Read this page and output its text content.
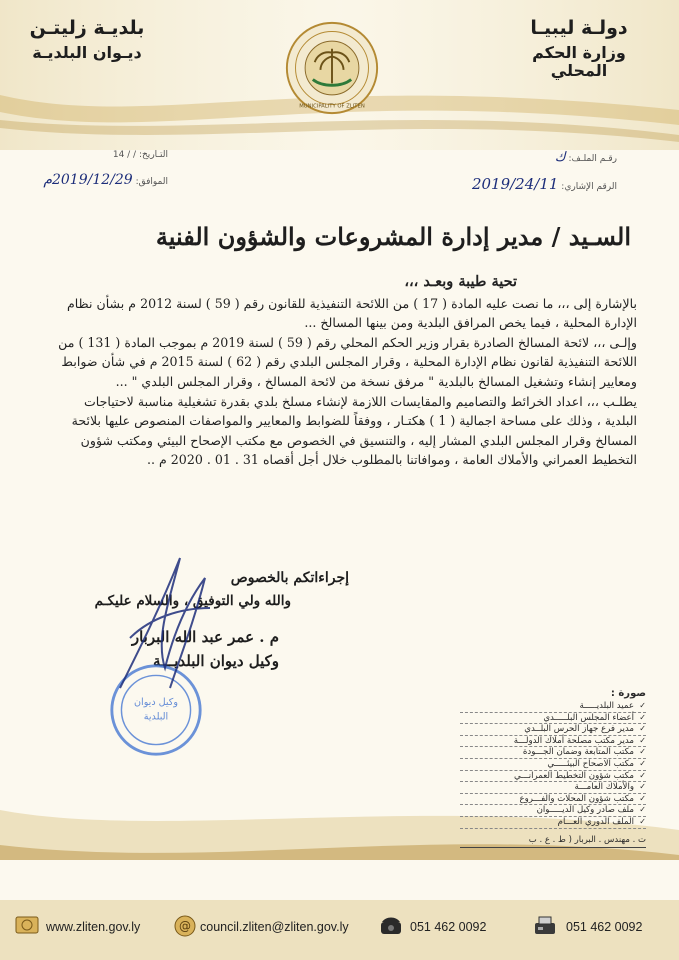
دولـة ليبيـا
وزارة الحكم المحلي
بلديـة زليتـن
ديـوان البلديـة
MUNICIPALITY OF ZLITEN
رقـم الملـف: ك
الرقم الإشاري: 2019/24/11
التـاريخ: / / 14
الموافق: 2019/12/29م
السـيد / مدير إدارة المشروعات والشؤون الفنية

تحية طيبة وبعـد ،،،

بالإشارة إلى ،،، ما نصت عليه المادة ( 17 ) من اللائحة التنفيذية للقانون رقم ( 59 ) لسنة 2012 م بشأن نظام الإدارة المحلية ، فيما يخص المرافق البلدية ومن بينها المسالخ ...

وإلـى ،،، لائحة المسالخ الصادرة بقرار وزير الحكم المحلي رقم ( 59 ) لسنة 2019 م بموجب المادة ( 131 ) من اللائحة التنفيذية لقانون نظام الإدارة المحلية ، وقرار المجلس البلدي رقم ( 62 ) لسنة 2015 م في شأن ضوابط ومعايير إنشاء وتشغيل المسالخ بالبلدية " مرفق نسخة من لائحة المسالخ ، وقرار المجلس البلدي " ...

يطلـب ،،، اعداد الخرائط والتصاميم والمقايسات اللازمة لإنشاء مسلخ بلدي بقدرة تشغيلية مناسبة لاحتياجات البلدية ، وذلك على مساحة اجمالية ( 1 ) هكتـار ، ووفقاً للضوابط والمعايير والمواصفات المنصوص عليها بلائحة المسالخ وقرار المجلس البلدي المشار إليه ، والتنسيق في الخصوص مع مكتب الإصحاح البيئي ومكتب شؤون التخطيط العمراني والأملاك العامة ، وموافاتنا بالمطلوب خلال أجل أقصاه 31 . 01 . 2020 م ..

إجراءاتكم بالخصوص
والله ولي التوفيق ، والسلام عليكـم
م . عمر عبد الله البربار
وكيل ديوان البلديـــة
وكيل ديوان
البلدية
صورة :
✓ عميد البلديـــــة
✓ أعضاء المجلس البلـــــدي
✓ مدير فرع جهاز الحرس البلــدي
✓ مدير مكتب مصلحة أملاك الدولـــة
✓ مكتب المتابعة وضمان الجـــودة
✓ مكتب الاصحاح البيئـــــي
✓ مكتب شؤون التخطيط العمرانـــي
✓ والأملاك العامـــة
✓ مكتب شؤون المحلات والفـــروع
✓ ملف صادر وكيل الديـــــوان
✓ الملف الدوري العـــام
ت . مهندس . البربار ( ط . ع . ب
www.zliten.gov.ly	@ council.zliten@zliten.gov.ly	051 462 0092	051 462 0092
